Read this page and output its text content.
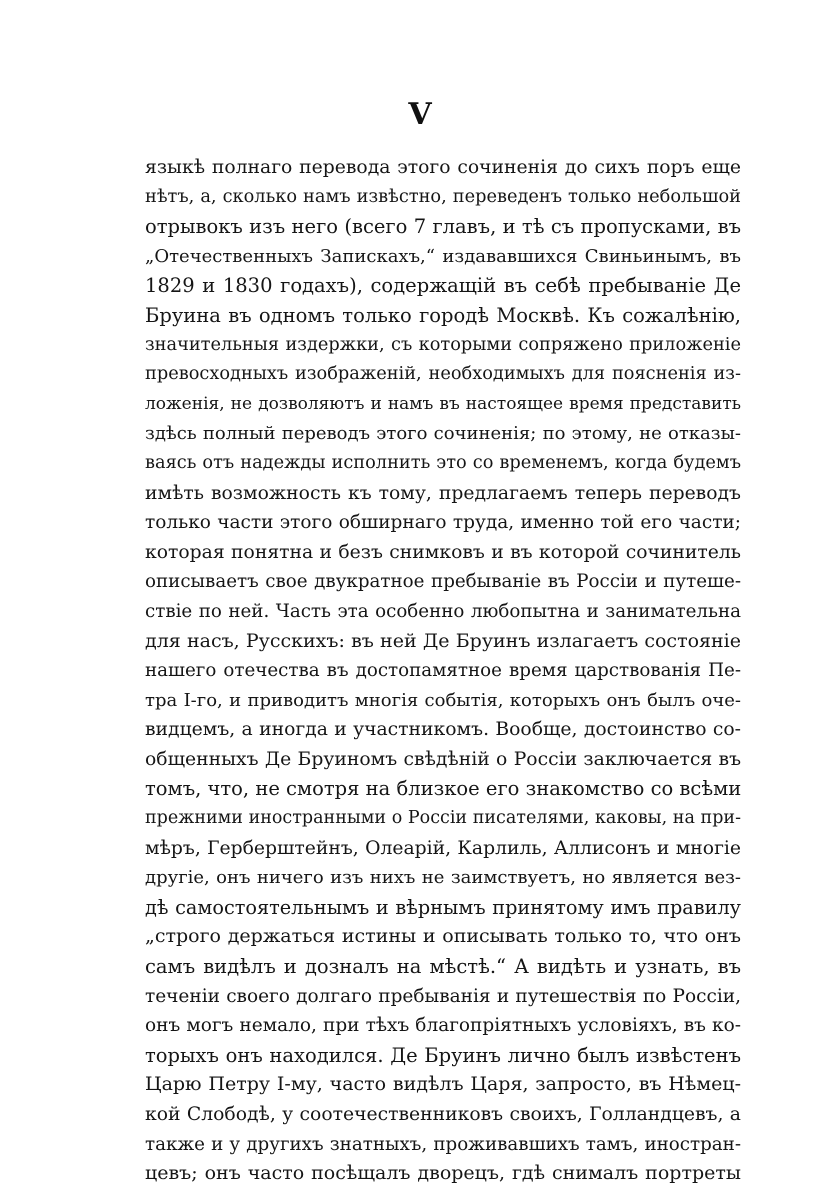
V
языкѣ полнаго перевода этого сочиненія до сихъ поръ еще
нѣтъ, а, сколько намъ извѣстно, переведенъ только небольшой
отрывокъ изъ него (всего 7 главъ, и тѣ съ пропусками, въ
„Отечественныхъ Запискахъ,“ издававшихся Свиньинымъ, въ
1829 и 1830 годахъ), содержащій въ себѣ пребываніе Де
Бруина въ одномъ только городѣ Москвѣ. Къ сожалѣнію,
значительныя издержки, съ которыми сопряжено приложеніе
превосходныхъ изображеній, необходимыхъ для поясненія из-
ложенія, не дозволяютъ и намъ въ настоящее время представить
здѣсь полный переводъ этого сочиненія; по этому, не отказы-
ваясь отъ надежды исполнить это со временемъ, когда будемъ
имѣть возможность къ тому, предлагаемъ теперь переводъ
только части этого обширнаго труда, именно той его части;
которая понятна и безъ снимковъ и въ которой сочинитель
описываетъ свое двукратное пребываніе въ Россіи и путеше-
ствіе по ней. Часть эта особенно любопытна и занимательна
для насъ, Русскихъ: въ ней Де Бруинъ излагаетъ состояніе
нашего отечества въ достопамятное время царствованія Пе-
тра I-го, и приводитъ многія событія, которыхъ онъ былъ оче-
видцемъ, а иногда и участникомъ. Вообще, достоинство со-
общенныхъ Де Бруиномъ свѣдѣній о Россіи заключается въ
томъ, что, не смотря на близкое его знакомство со всѣми
прежними иностранными о Россіи писателями, каковы, на при-
мѣръ, Герберштейнъ, Олеарій, Карлиль, Аллисонъ и многіе
другіе, онъ ничего изъ нихъ не заимствуетъ, но является вез-
дѣ самостоятельнымъ и вѣрнымъ принятому имъ правилу
„строго держаться истины и описывать только то, что онъ
самъ видѣлъ и дозналъ на мѣстѣ.“ А видѣть и узнать, въ
теченіи своего долгаго пребыванія и путешествія по Россіи,
онъ могъ немало, при тѣхъ благопріятныхъ условіяхъ, въ ко-
торыхъ онъ находился. Де Бруинъ лично былъ извѣстенъ
Царю Петру I-му, часто видѣлъ Царя, запросто, въ Нѣмец-
кой Слободѣ, у соотечественниковъ своихъ, Голландцевъ, а
также и у другихъ знатныхъ, проживавшихъ тамъ, иностран-
цевъ; онъ часто посѣщалъ дворецъ, гдѣ снималъ портреты
